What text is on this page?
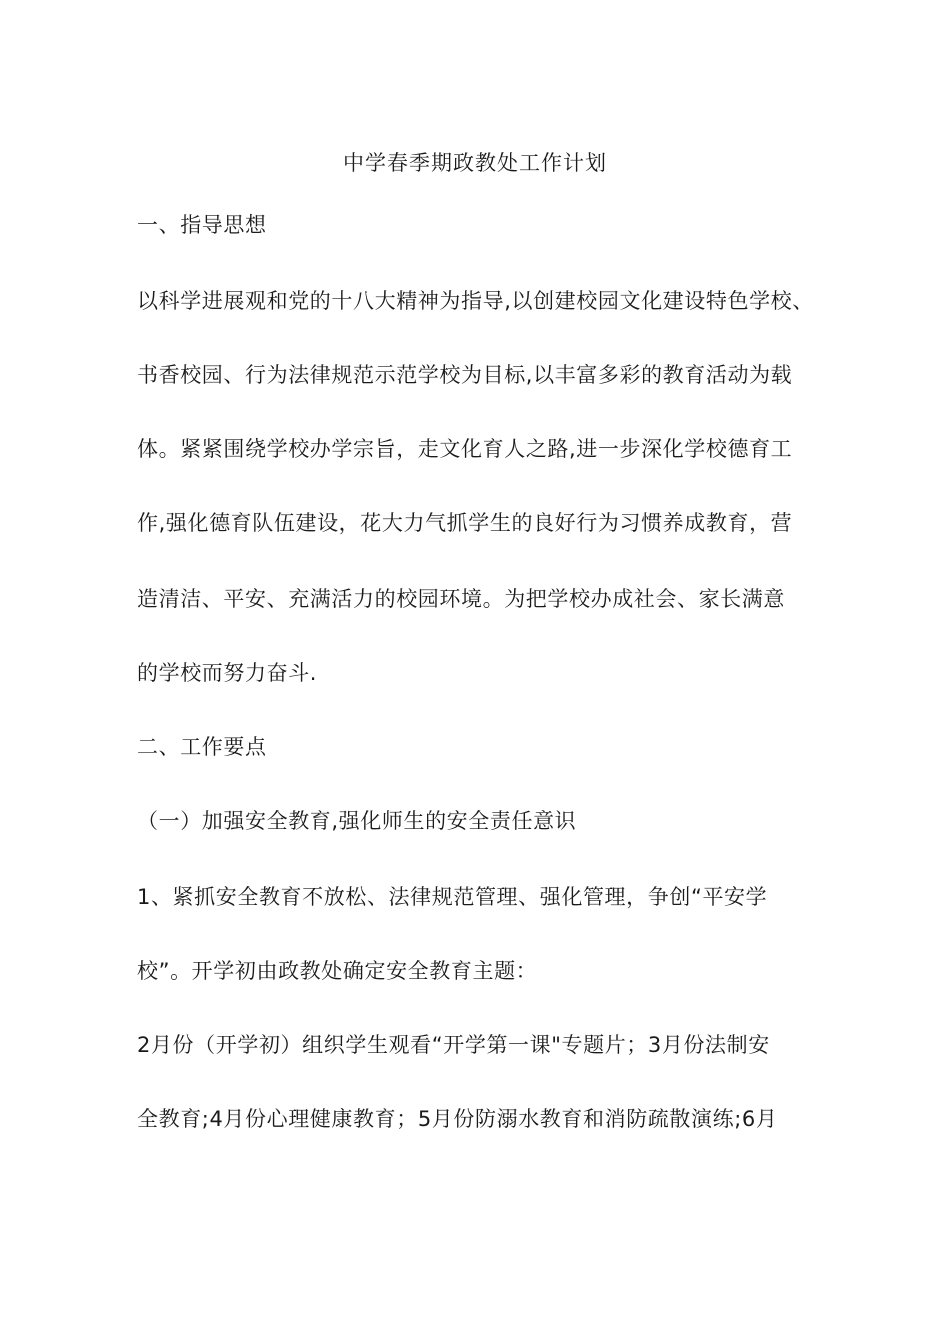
中学春季期政教处工作计划
一、指导思想
以科学进展观和党的十八大精神为指导,以创建校园文化建设特色学校、
书香校园、行为法律规范示范学校为目标,以丰富多彩的教育活动为载
体。紧紧围绕学校办学宗旨，走文化育人之路,进一步深化学校德育工
作,强化德育队伍建设，花大力气抓学生的良好行为习惯养成教育，营
造清洁、平安、充满活力的校园环境。为把学校办成社会、家长满意
的学校而努力奋斗.
二、工作要点
（一）加强安全教育,强化师生的安全责任意识
1、紧抓安全教育不放松、法律规范管理、强化管理，争创“平安学
校”。开学初由政教处确定安全教育主题：
2月份（开学初）组织学生观看“开学第一课"专题片；3月份法制安
全教育;4月份心理健康教育；5月份防溺水教育和消防疏散演练;6月
